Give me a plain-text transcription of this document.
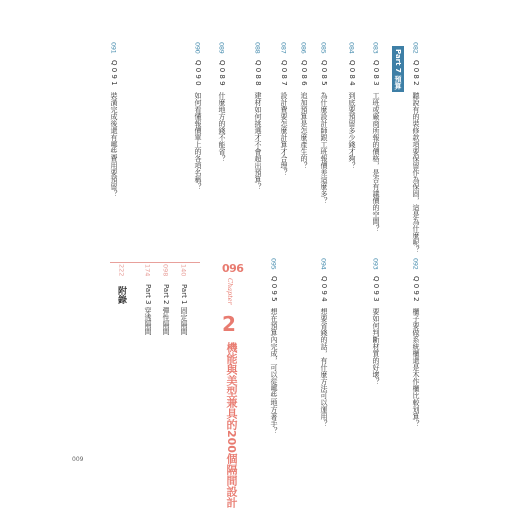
Part 7 預算
082
Q 0 8 2
聽說有的裝修款項要保留作為保固，這是為什麼呢？
083
Q 0 8 3
工班或廠商所報的價格，是否有議價的空間？
084
Q 0 8 4
到底要預留多少錢才夠？
085
Q 0 8 5
為什麼設計師跟工班報價差這麼多？
086
Q 0 8 6
追加預算是怎麼產生的？
087
Q 0 8 7
設計費要怎麼計算才合理？
088
Q 0 8 8
建材如何挑選才不會超出預算？
089
Q 0 8 9
什麼地方的錢不能省？
090
Q 0 9 0
如何看懂報價單上的各項名稱？
091
Q 0 9 1
裝潢完成後還有哪些費用要預留？
092
Q 0 9 2
櫃子要做系統櫃還是木作櫃比較划算？
093
Q 0 9 3
要如何判斷材質的好壞？
094
Q 0 9 4
想要省錢的話，有什麼方法可以運用？
095
Q 0 9 5
想在預算內完成，可以從哪些地方著手？
096
Chapter
2
機能與美型兼具的200個隔間設計
140
Part 1 固定隔間
098
Part 2 彈性隔間
174
Part 3 穿透隔間
222
附錄
009
